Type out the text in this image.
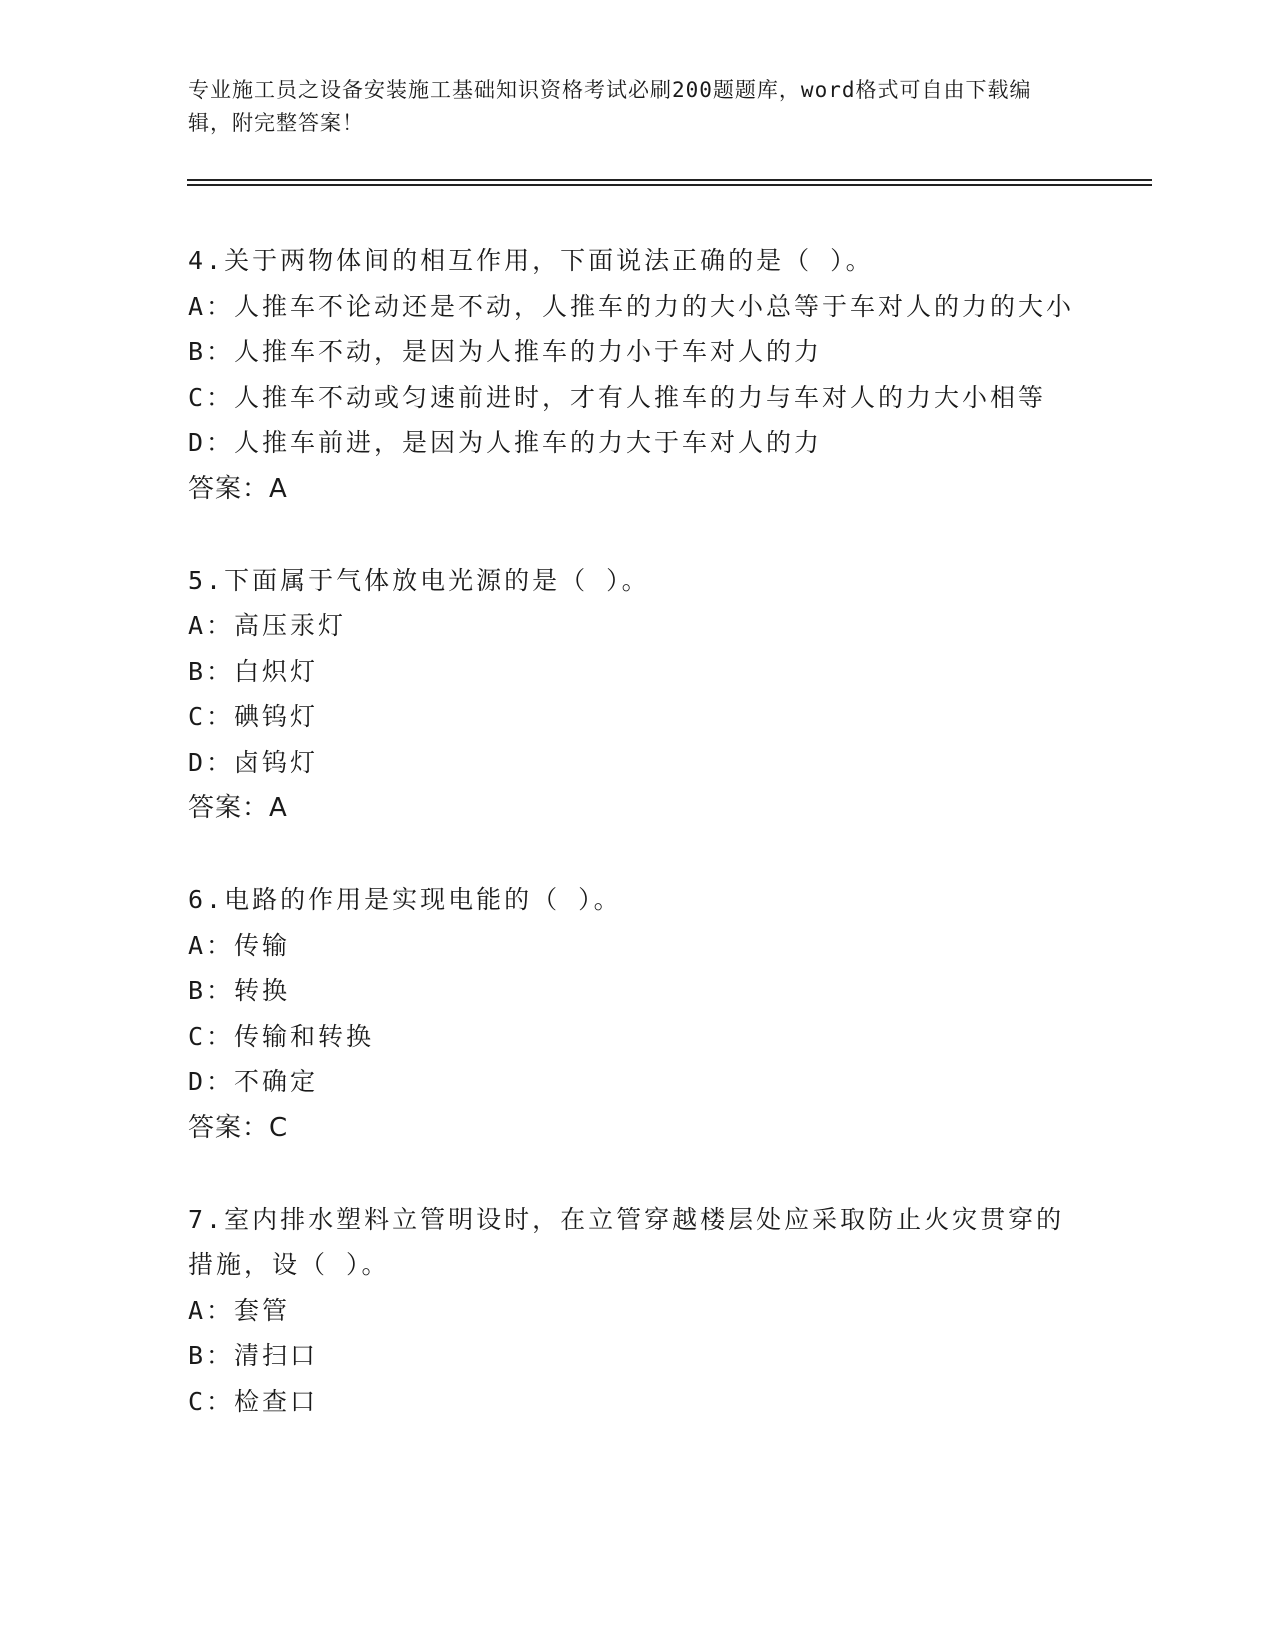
专业施工员之设备安装施工基础知识资格考试必刷200题题库，word格式可自由下载编辑，附完整答案！
4.关于两物体间的相互作用，下面说法正确的是（ ）。
A：人推车不论动还是不动，人推车的力的大小总等于车对人的力的大小
B：人推车不动，是因为人推车的力小于车对人的力
C：人推车不动或匀速前进时，才有人推车的力与车对人的力大小相等
D：人推车前进，是因为人推车的力大于车对人的力
答案：A
5.下面属于气体放电光源的是（ ）。
A：高压汞灯
B：白炽灯
C：碘钨灯
D：卤钨灯
答案：A
6.电路的作用是实现电能的（ ）。
A：传输
B：转换
C：传输和转换
D：不确定
答案：C
7.室内排水塑料立管明设时，在立管穿越楼层处应采取防止火灾贯穿的措施，设（ ）。
A：套管
B：清扫口
C：检查口
